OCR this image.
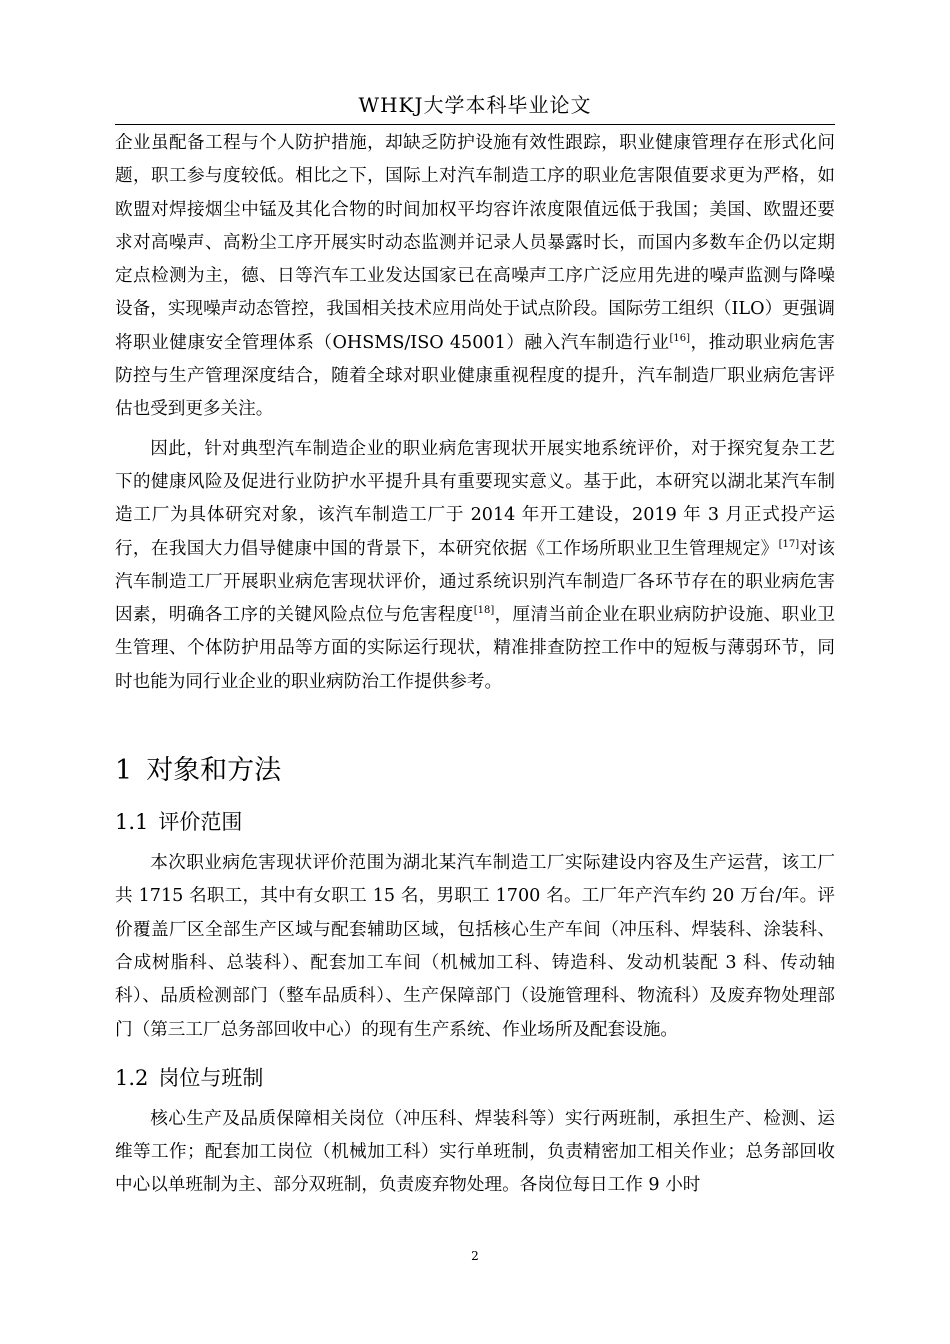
WHKJ大学本科毕业论文

企业虽配备工程与个人防护措施，却缺乏防护设施有效性跟踪，职业健康管理存在形式化问题，职工参与度较低。相比之下，国际上对汽车制造工序的职业危害限值要求更为严格，如欧盟对焊接烟尘中锰及其化合物的时间加权平均容许浓度限值远低于我国；美国、欧盟还要求对高噪声、高粉尘工序开展实时动态监测并记录人员暴露时长，而国内多数车企仍以定期定点检测为主，德、日等汽车工业发达国家已在高噪声工序广泛应用先进的噪声监测与降噪设备，实现噪声动态管控，我国相关技术应用尚处于试点阶段。国际劳工组织（ILO）更强调将职业健康安全管理体系（OHSMS/ISO 45001）融入汽车制造行业[16]，推动职业病危害防控与生产管理深度结合，随着全球对职业健康重视程度的提升，汽车制造厂职业病危害评估也受到更多关注。

因此，针对典型汽车制造企业的职业病危害现状开展实地系统评价，对于探究复杂工艺下的健康风险及促进行业防护水平提升具有重要现实意义。基于此，本研究以湖北某汽车制造工厂为具体研究对象，该汽车制造工厂于 2014 年开工建设，2019 年 3 月正式投产运行，在我国大力倡导健康中国的背景下，本研究依据《工作场所职业卫生管理规定》[17]对该汽车制造工厂开展职业病危害现状评价，通过系统识别汽车制造厂各环节存在的职业病危害因素，明确各工序的关键风险点位与危害程度[18]，厘清当前企业在职业病防护设施、职业卫生管理、个体防护用品等方面的实际运行现状，精准排查防控工作中的短板与薄弱环节，同时也能为同行业企业的职业病防治工作提供参考。

1 对象和方法
1.1 评价范围

本次职业病危害现状评价范围为湖北某汽车制造工厂实际建设内容及生产运营，该工厂共 1715 名职工，其中有女职工 15 名，男职工 1700 名。工厂年产汽车约 20 万台/年。评价覆盖厂区全部生产区域与配套辅助区域，包括核心生产车间（冲压科、焊装科、涂装科、合成树脂科、总装科）、配套加工车间（机械加工科、铸造科、发动机装配 3 科、传动轴科）、品质检测部门（整车品质科）、生产保障部门（设施管理科、物流科）及废弃物处理部门（第三工厂总务部回收中心）的现有生产系统、作业场所及配套设施。

1.2 岗位与班制

核心生产及品质保障相关岗位（冲压科、焊装科等）实行两班制，承担生产、检测、运维等工作；配套加工岗位（机械加工科）实行单班制，负责精密加工相关作业；总务部回收中心以单班制为主、部分双班制，负责废弃物处理。各岗位每日工作 9 小时

2
